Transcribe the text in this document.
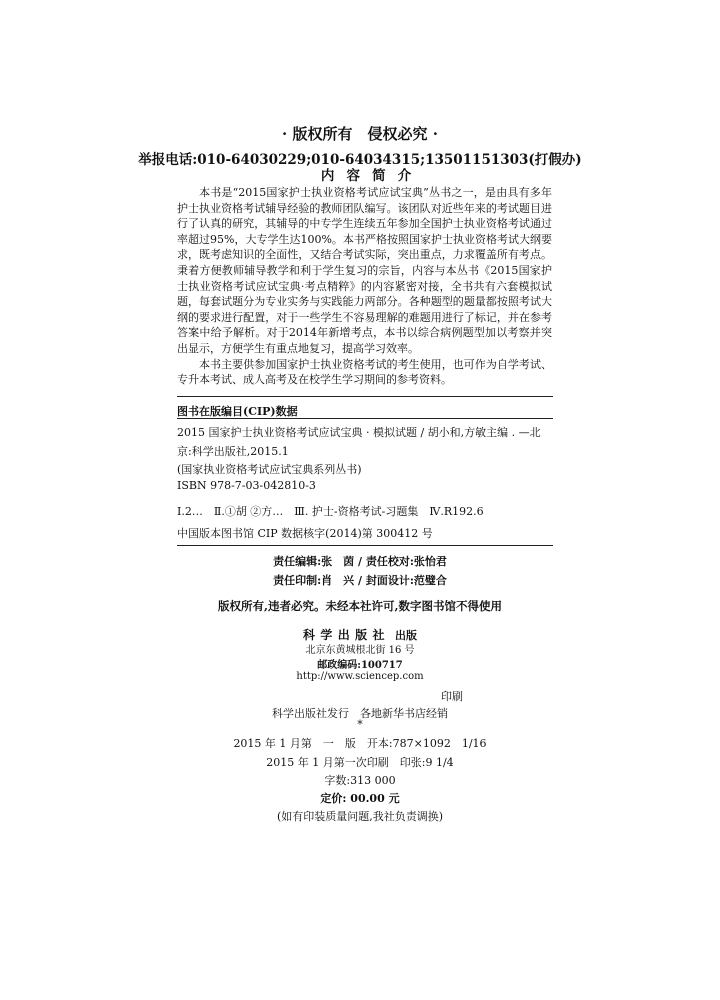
· 版权所有　侵权必究 ·
举报电话:010-64030229;010-64034315;13501151303(打假办)
内容简介

本书是“2015国家护士执业资格考试应试宝典”丛书之一，是由具有多年护士执业资格考试辅导经验的教师团队编写。该团队对近些年来的考试题目进行了认真的研究，其辅导的中专学生连续五年参加全国护士执业资格考试通过率超过95%，大专学生达100%。本书严格按照国家护士执业资格考试大纲要求，既考虑知识的全面性，又结合考试实际，突出重点，力求覆盖所有考点。秉着方便教师辅导教学和利于学生复习的宗旨，内容与本丛书《2015国家护士执业资格考试应试宝典·考点精粹》的内容紧密对接，全书共有六套模拟试题，每套试题分为专业实务与实践能力两部分。各种题型的题量都按照考试大纲的要求进行配置，对于一些学生不容易理解的难题用进行了标记，并在参考答案中给予解析。对于2014年新增考点，本书以综合病例题型加以考察并突出显示，方便学生有重点地复习，提高学习效率。

本书主要供参加国家护士执业资格考试的考生使用，也可作为自学考试、专升本考试、成人高考及在校学生学习期间的参考资料。

图书在版编目(CIP)数据
2015 国家护士执业资格考试应试宝典 · 模拟试题 / 胡小和,方敏主编 . —北
京:科学出版社,2015.1
(国家执业资格考试应试宝典系列丛书)
ISBN 978-7-03-042810-3
Ⅰ.2…　Ⅱ.①胡 ②方…　Ⅲ. 护士-资格考试-习题集　Ⅳ.R192.6
中国版本图书馆 CIP 数据核字(2014)第 300412 号
责任编辑:张　茵 / 责任校对:张怡君
责任印制:肖　兴 / 封面设计:范璧合
版权所有,违者必究。未经本社许可,数字图书馆不得使用
科学出版社 出版
北京东黄城根北街 16 号
邮政编码:100717
http://www.sciencep.com
印刷
科学出版社发行　各地新华书店经销
*
2015 年 1 月第　一　版　开本:787×1092　1/16
2015 年 1 月第一次印刷　印张:9 1/4
字数:313 000
定价: 00.00 元
(如有印装质量问题,我社负责调换)
